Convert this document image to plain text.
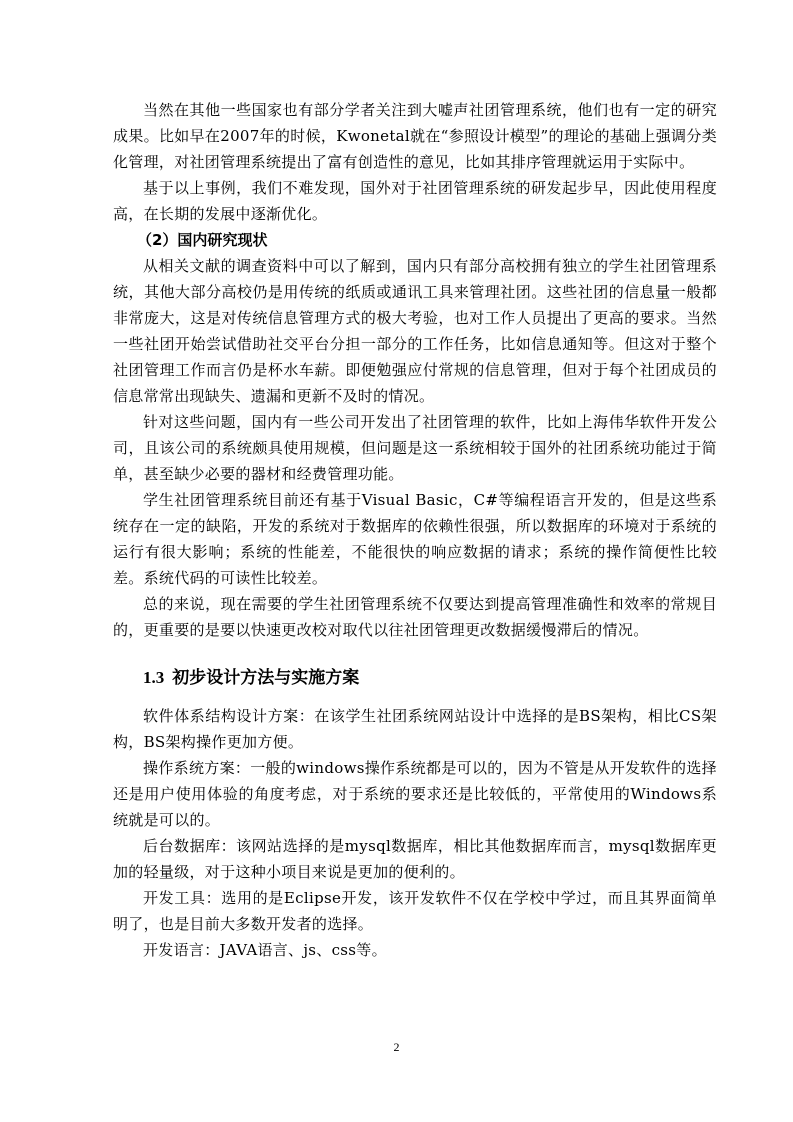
当然在其他一些国家也有部分学者关注到大嘘声社团管理系统，他们也有一定的研究成果。比如早在2007年的时候，Kwonetal就在“参照设计模型”的理论的基础上强调分类化管理，对社团管理系统提出了富有创造性的意见，比如其排序管理就运用于实际中。

基于以上事例，我们不难发现，国外对于社团管理系统的研发起步早，因此使用程度高，在长期的发展中逐渐优化。

（2）国内研究现状

从相关文献的调查资料中可以了解到，国内只有部分高校拥有独立的学生社团管理系统，其他大部分高校仍是用传统的纸质或通讯工具来管理社团。这些社团的信息量一般都非常庞大，这是对传统信息管理方式的极大考验，也对工作人员提出了更高的要求。当然一些社团开始尝试借助社交平台分担一部分的工作任务，比如信息通知等。但这对于整个社团管理工作而言仍是杯水车薪。即便勉强应付常规的信息管理，但对于每个社团成员的信息常常出现缺失、遗漏和更新不及时的情况。

针对这些问题，国内有一些公司开发出了社团管理的软件，比如上海伟华软件开发公司，且该公司的系统颇具使用规模，但问题是这一系统相较于国外的社团系统功能过于简单，甚至缺少必要的器材和经费管理功能。

学生社团管理系统目前还有基于Visual Basic，C#等编程语言开发的，但是这些系统存在一定的缺陷，开发的系统对于数据库的依赖性很强，所以数据库的环境对于系统的运行有很大影响；系统的性能差，不能很快的响应数据的请求；系统的操作简便性比较差。系统代码的可读性比较差。

总的来说，现在需要的学生社团管理系统不仅要达到提高管理准确性和效率的常规目的，更重要的是要以快速更改校对取代以往社团管理更改数据缓慢滞后的情况。

1.3 初步设计方法与实施方案

软件体系结构设计方案：在该学生社团系统网站设计中选择的是BS架构，相比CS架构，BS架构操作更加方便。

操作系统方案：一般的windows操作系统都是可以的，因为不管是从开发软件的选择还是用户使用体验的角度考虑，对于系统的要求还是比较低的，平常使用的Windows系统就是可以的。

后台数据库：该网站选择的是mysql数据库，相比其他数据库而言，mysql数据库更加的轻量级，对于这种小项目来说是更加的便利的。

开发工具：选用的是Eclipse开发，该开发软件不仅在学校中学过，而且其界面简单明了，也是目前大多数开发者的选择。

开发语言：JAVA语言、js、css等。

2
